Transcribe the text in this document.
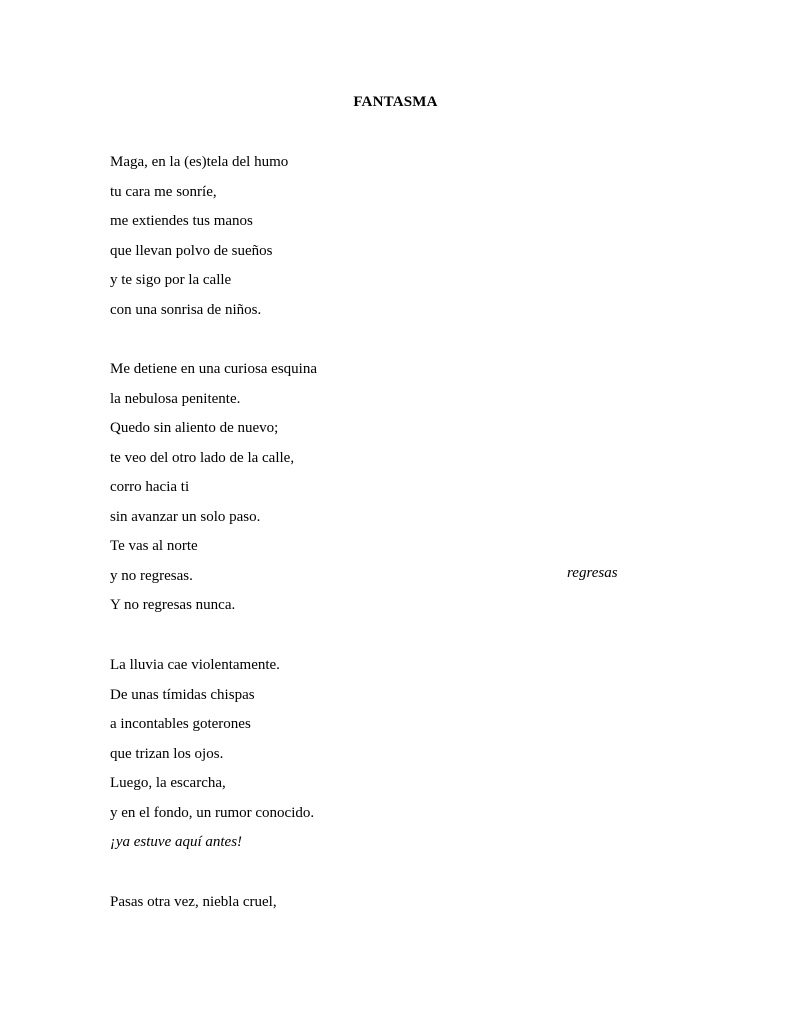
FANTASMA
Maga, en la (es)tela del humo
tu cara me sonríe,
me extiendes tus manos
que llevan polvo de sueños
y te sigo por la calle
con una sonrisa de niños.
Me detiene en una curiosa esquina
la nebulosa penitente.
Quedo sin aliento de nuevo;
te veo del otro lado de la calle,
corro hacia ti
sin avanzar un solo paso.
Te vas al norte
y no regresas.
Y no regresas nunca.
regresas
La lluvia cae violentamente.
De unas tímidas chispas
a incontables goterones
que trizan los ojos.
Luego, la escarcha,
y en el fondo, un rumor conocido.
¡ya estuve aquí antes!
Pasas otra vez, niebla cruel,
